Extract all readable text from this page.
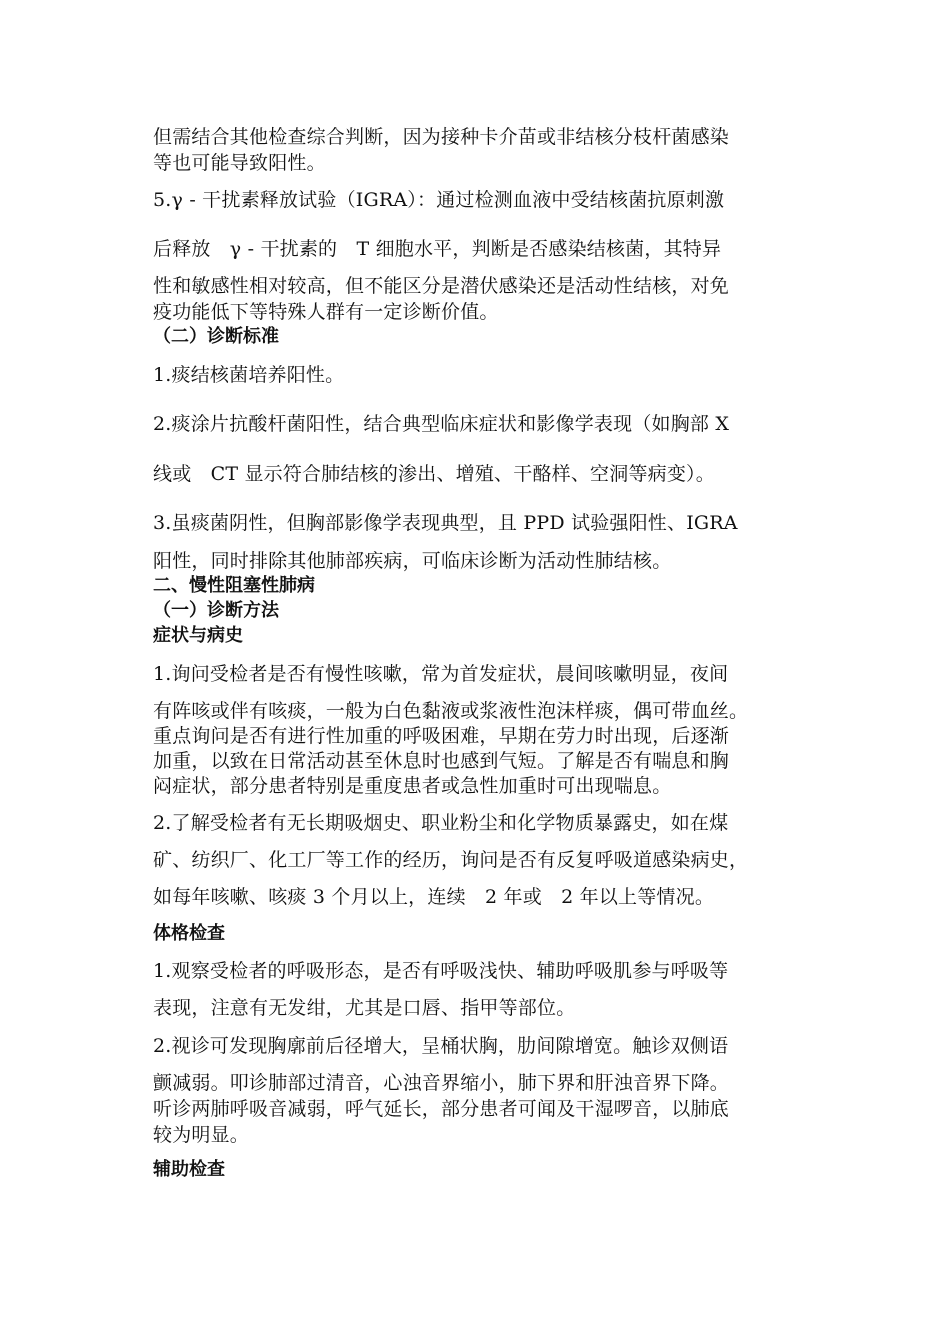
但需结合其他检查综合判断，因为接种卡介苗或非结核分枝杆菌感染
等也可能导致阳性。
5.γ - 干扰素释放试验（IGRA）：通过检测血液中受结核菌抗原刺激
后释放　γ - 干扰素的　T 细胞水平，判断是否感染结核菌，其特异
性和敏感性相对较高，但不能区分是潜伏感染还是活动性结核，对免
疫功能低下等特殊人群有一定诊断价值。
（二）诊断标准
1.痰结核菌培养阳性。
2.痰涂片抗酸杆菌阳性，结合典型临床症状和影像学表现（如胸部 X
线或　CT 显示符合肺结核的渗出、增殖、干酪样、空洞等病变）。
3.虽痰菌阴性，但胸部影像学表现典型，且 PPD 试验强阳性、IGRA
阳性，同时排除其他肺部疾病，可临床诊断为活动性肺结核。
二、慢性阻塞性肺病
（一）诊断方法
症状与病史
1.询问受检者是否有慢性咳嗽，常为首发症状，晨间咳嗽明显，夜间
有阵咳或伴有咳痰，一般为白色黏液或浆液性泡沫样痰，偶可带血丝。
重点询问是否有进行性加重的呼吸困难，早期在劳力时出现，后逐渐
加重，以致在日常活动甚至休息时也感到气短。了解是否有喘息和胸
闷症状，部分患者特别是重度患者或急性加重时可出现喘息。
2.了解受检者有无长期吸烟史、职业粉尘和化学物质暴露史，如在煤
矿、纺织厂、化工厂等工作的经历，询问是否有反复呼吸道感染病史，
如每年咳嗽、咳痰 3 个月以上，连续　2 年或　2 年以上等情况。
体格检查
1.观察受检者的呼吸形态，是否有呼吸浅快、辅助呼吸肌参与呼吸等
表现，注意有无发绀，尤其是口唇、指甲等部位。
2.视诊可发现胸廓前后径增大，呈桶状胸，肋间隙增宽。触诊双侧语
颤减弱。叩诊肺部过清音，心浊音界缩小，肺下界和肝浊音界下降。
听诊两肺呼吸音减弱，呼气延长，部分患者可闻及干湿啰音，以肺底
较为明显。
辅助检查
